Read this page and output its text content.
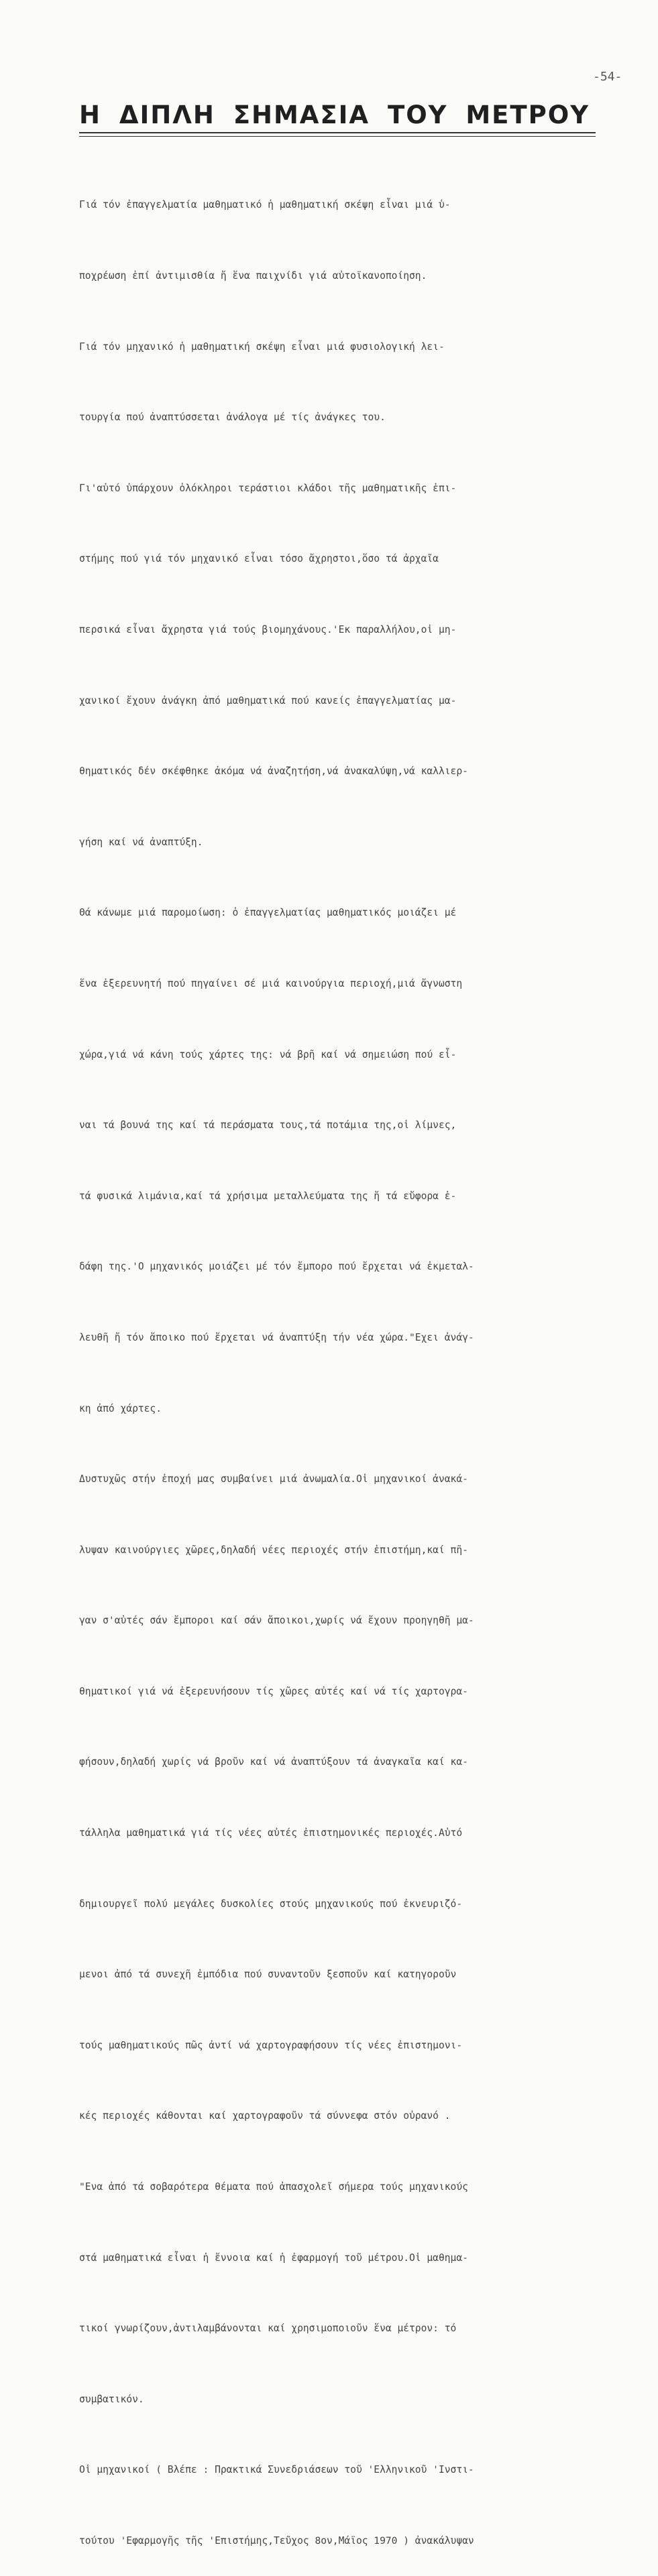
-54-
Η ΔΙΠΛΗ ΣΗΜΑΣΙΑ ΤΟΥ ΜΕΤΡΟΥ

Γιά τόν ἐπαγγελματία μαθηματικό ἡ μαθηματική σκέψη εἶναι μιά ὑ-

ποχρέωση ἐπί ἀντιμισθία ἤ ἕνα παιχνίδι γιά αὐτοϊκανοποίηση.

Γιά τόν μηχανικό ἡ μαθηματική σκέψη εἶναι μιά φυσιολογική λει-

τουργία πού ἀναπτύσσεται ἀνάλογα μέ τίς ἀνάγκες του.

Γι'αὐτό ὑπάρχουν ὁλόκληροι τεράστιοι κλάδοι τῆς μαθηματικῆς ἐπι-

στήμης πού γιά τόν μηχανικό εἶναι τόσο ἄχρηστοι,ὅσο τά ἀρχαῖα

περσικά εἶναι ἄχρηστα γιά τούς βιομηχάνους.'Εκ παραλλήλου,οἱ μη-

χανικοί ἔχουν ἀνάγκη ἀπό μαθηματικά πού κανείς ἐπαγγελματίας μα-

θηματικός δέν σκέφθηκε ἀκόμα νά ἀναζητήση,νά ἀνακαλύψη,νά καλλιερ-

γήση καί νά ἀναπτύξη.

Θά κάνωμε μιά παρομοίωση: ὁ ἐπαγγελματίας μαθηματικός μοιάζει μέ

ἕνα ἐξερευνητή πού πηγαίνει σέ μιά καινούργια περιοχή,μιά ἄγνωστη

χώρα,γιά νά κάνη τούς χάρτες της: νά βρῆ καί νά σημειώση πού εἶ-

ναι τά βουνά της καί τά περάσματα τους,τά ποτάμια της,οἱ λίμνες,

τά φυσικά λιμάνια,καί τά χρήσιμα μεταλλεύματα της ἤ τά εὔφορα ἐ-

δάφη της.'Ο μηχανικός μοιάζει μέ τόν ἔμπορο πού ἔρχεται νά ἐκμεταλ-

λευθῆ ἤ τόν ἄποικο πού ἔρχεται νά ἀναπτύξη τήν νέα χώρα."Εχει ἀνάγ-

κη ἀπό χάρτες.

Δυστυχῶς στήν ἐποχή μας συμβαίνει μιά ἀνωμαλία.Οἱ μηχανικοί ἀνακά-

λυψαν καινούργιες χῶρες,δηλαδή νέες περιοχές στήν ἐπιστήμη,καί πῆ-

γαν σ'αὐτές σάν ἔμποροι καί σάν ἄποικοι,χωρίς νά ἔχουν προηγηθῆ μα-

θηματικοί γιά νά ἐξερευνήσουν τίς χῶρες αὐτές καί νά τίς χαρτογρα-

φήσουν,δηλαδή χωρίς νά βροῦν καί νά ἀναπτύξουν τά ἀναγκαῖα καί κα-

τάλληλα μαθηματικά γιά τίς νέες αὐτές ἐπιστημονικές περιοχές.Αὐτό

δημιουργεῖ πολύ μεγάλες δυσκολίες στούς μηχανικούς πού ἐκνευριζό-

μενοι ἀπό τά συνεχῆ ἐμπόδια πού συναντοῦν ξεσποῦν καί κατηγοροῦν

τούς μαθηματικούς πῶς ἀντί νά χαρτογραφήσουν τίς νέες ἐπιστημονι-

κές περιοχές κάθονται καί χαρτογραφοῦν τά σύννεφα στόν οὐρανό .

"Ενα ἀπό τά σοβαρότερα θέματα πού ἀπασχολεῖ σήμερα τούς μηχανικούς

στά μαθηματικά εἶναι ἡ ἔννοια καί ἡ ἐφαρμογή τοῦ μέτρου.Οἱ μαθημα-

τικοί γνωρίζουν,ἀντιλαμβάνονται καί χρησιμοποιοῦν ἕνα μέτρον: τό

συμβατικόν.

Οἱ μηχανικοί ( Βλέπε : Πρακτικά Συνεδριάσεων τοῦ 'Ελληνικοῦ 'Ινστι-

τούτου 'Εφαρμογῆς τῆς 'Επιστήμης,Τεῦχος 8ον,Μάϊος 1970 ) ἀνακάλυψαν
